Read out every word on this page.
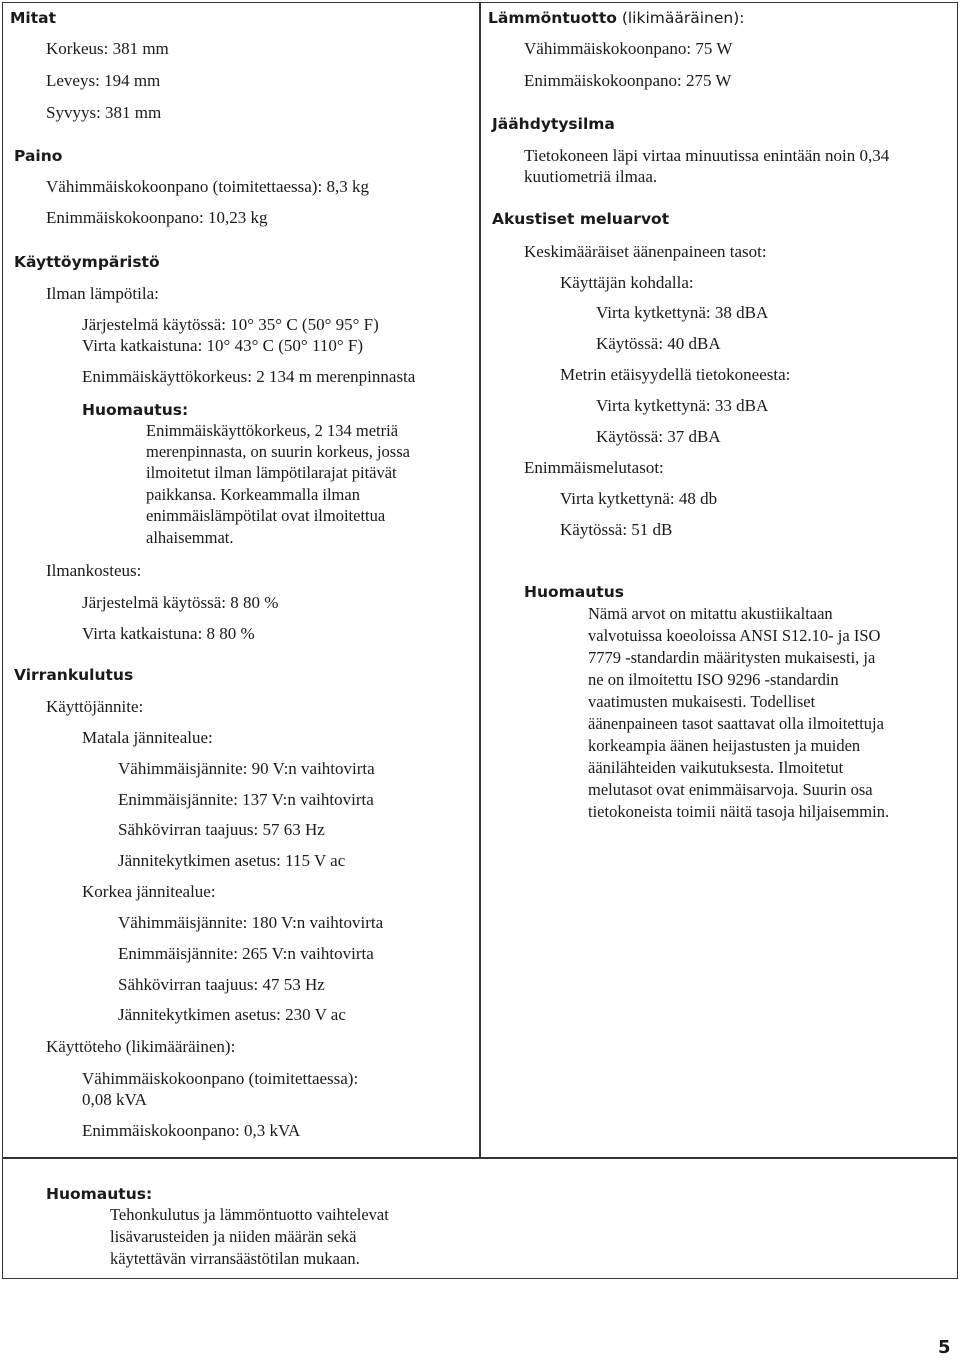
Mitat
Korkeus: 381 mm
Leveys: 194 mm
Syvyys: 381 mm
Paino
Vähimmäiskokoonpano (toimitettaessa): 8,3 kg
Enimmäiskokoonpano: 10,23 kg
Käyttöympäristö
Ilman lämpötila:
Järjestelmä käytössä: 10° 35° C (50° 95° F)
Virta katkaistuna: 10° 43° C (50° 110° F)
Enimmäiskäyttökorkeus: 2 134 m merenpinnasta
Huomautus:
Enimmäiskäyttökorkeus, 2 134 metriä
merenpinnasta, on suurin korkeus, jossa
ilmoitetut ilman lämpötilarajat pitävät
paikkansa. Korkeammalla ilman
enimmäislämpötilat ovat ilmoitettua
alhaisemmat.
Ilmankosteus:
Järjestelmä käytössä: 8 80 %
Virta katkaistuna: 8 80 %
Virrankulutus
Käyttöjännite:
Matala jännitealue:
Vähimmäisjännite: 90 V:n vaihtovirta
Enimmäisjännite: 137 V:n vaihtovirta
Sähkövirran taajuus: 57 63 Hz
Jännitekytkimen asetus: 115 V ac
Korkea jännitealue:
Vähimmäisjännite: 180 V:n vaihtovirta
Enimmäisjännite: 265 V:n vaihtovirta
Sähkövirran taajuus: 47 53 Hz
Jännitekytkimen asetus: 230 V ac
Käyttöteho (likimääräinen):
Vähimmäiskokoonpano (toimitettaessa):
0,08 kVA
Enimmäiskokoonpano: 0,3 kVA
Lämmöntuotto (likimääräinen):
Vähimmäiskokoonpano: 75 W
Enimmäiskokoonpano: 275 W
Jäähdytysilma
Tietokoneen läpi virtaa minuutissa enintään noin 0,34
kuutiometriä ilmaa.
Akustiset meluarvot
Keskimääräiset äänenpaineen tasot:
Käyttäjän kohdalla:
Virta kytkettynä: 38 dBA
Käytössä: 40 dBA
Metrin etäisyydellä tietokoneesta:
Virta kytkettynä: 33 dBA
Käytössä: 37 dBA
Enimmäismelutasot:
Virta kytkettynä: 48 db
Käytössä: 51 dB
Huomautus
Nämä arvot on mitattu akustiikaltaan
valvotuissa koeoloissa ANSI S12.10- ja ISO
7779 -standardin määritysten mukaisesti, ja
ne on ilmoitettu ISO 9296 -standardin
vaatimusten mukaisesti. Todelliset
äänenpaineen tasot saattavat olla ilmoitettuja
korkeampia äänen heijastusten ja muiden
äänilähteiden vaikutuksesta. Ilmoitetut
melutasot ovat enimmäisarvoja. Suurin osa
tietokoneista toimii näitä tasoja hiljaisemmin.
Huomautus:
Tehonkulutus ja lämmöntuotto vaihtelevat
lisävarusteiden ja niiden määrän sekä
käytettävän virransäästötilan mukaan.
5
